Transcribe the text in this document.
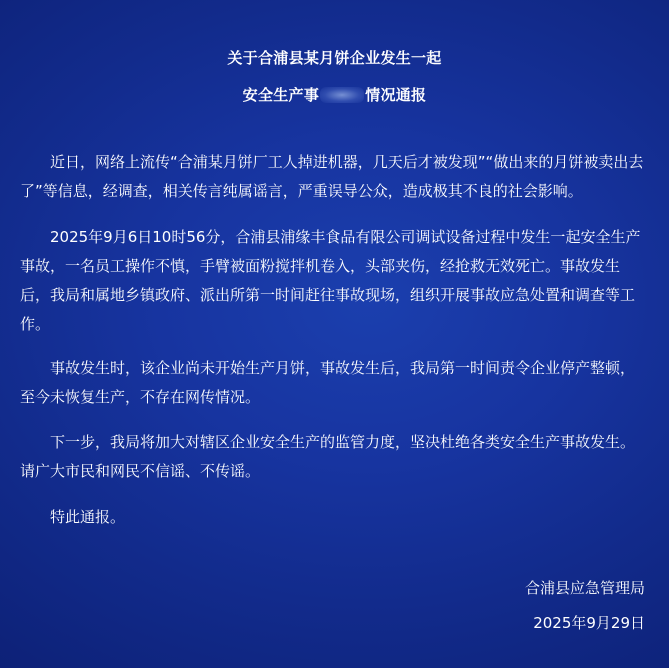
关于合浦县某月饼企业发生一起
安全生产事	情况通报

近日，网络上流传“合浦某月饼厂工人掉进机器，几天后才被发现”“做出来的月饼被卖出去了”等信息，经调查，相关传言纯属谣言，严重误导公众，造成极其不良的社会影响。

2025年9月6日10时56分，合浦县浦缘丰食品有限公司调试设备过程中发生一起安全生产事故，一名员工操作不慎，手臂被面粉搅拌机卷入，头部夹伤，经抢救无效死亡。事故发生后，我局和属地乡镇政府、派出所第一时间赶往事故现场，组织开展事故应急处置和调查等工作。

事故发生时，该企业尚未开始生产月饼，事故发生后，我局第一时间责令企业停产整顿，至今未恢复生产，不存在网传情况。

下一步，我局将加大对辖区企业安全生产的监管力度，坚决杜绝各类安全生产事故发生。请广大市民和网民不信谣、不传谣。

特此通报。

合浦县应急管理局
2025年9月29日
